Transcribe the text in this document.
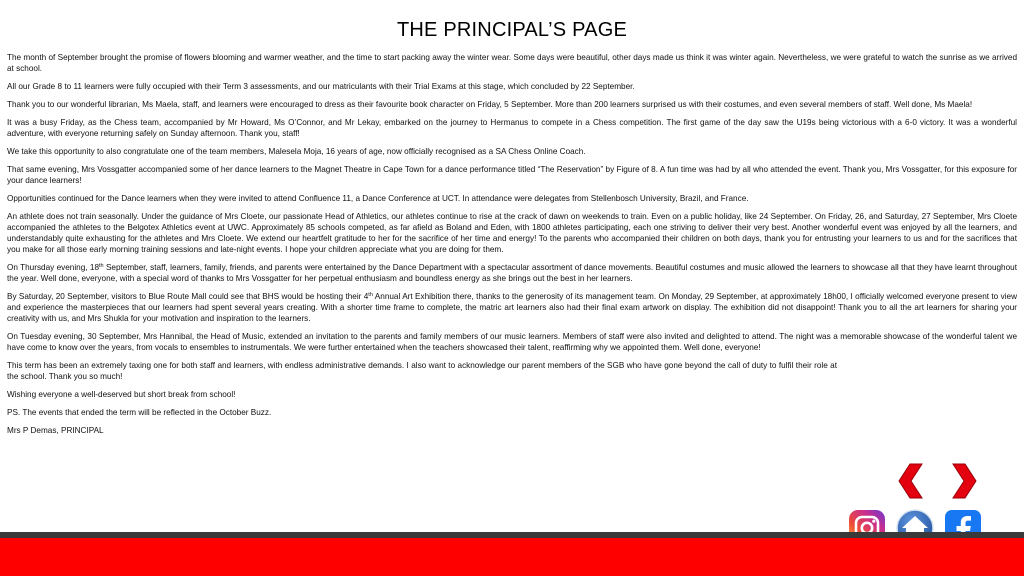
THE PRINCIPAL’S PAGE

The month of September brought the promise of flowers blooming and warmer weather, and the time to start packing away the winter wear. Some days were beautiful, other days made us think it was winter again. Nevertheless, we were grateful to watch the sunrise as we arrived at school.

All our Grade 8 to 11 learners were fully occupied with their Term 3 assessments, and our matriculants with their Trial Exams at this stage, which concluded by 22 September.

Thank you to our wonderful librarian, Ms Maela, staff, and learners were encouraged to dress as their favourite book character on Friday, 5 September. More than 200 learners surprised us with their costumes, and even several members of staff. Well done, Ms Maela!

It was a busy Friday, as the Chess team, accompanied by Mr Howard, Ms O’Connor, and Mr Lekay, embarked on the journey to Hermanus to compete in a Chess competition. The first game of the day saw the U19s being victorious with a 6-0 victory. It was a wonderful adventure, with everyone returning safely on Sunday afternoon. Thank you, staff!

We take this opportunity to also congratulate one of the team members, Malesela Moja, 16 years of age, now officially recognised as a SA Chess Online Coach.

That same evening, Mrs Vossgatter accompanied some of her dance learners to the Magnet Theatre in Cape Town for a dance performance titled “The Reservation” by Figure of 8. A fun time was had by all who attended the event. Thank you, Mrs Vossgatter, for this exposure for your dance learners!

Opportunities continued for the Dance learners when they were invited to attend Confluence 11, a Dance Conference at UCT. In attendance were delegates from Stellenbosch University, Brazil, and France.

An athlete does not train seasonally. Under the guidance of Mrs Cloete, our passionate Head of Athletics, our athletes continue to rise at the crack of dawn on weekends to train. Even on a public holiday, like 24 September. On Friday, 26, and Saturday, 27 September, Mrs Cloete accompanied the athletes to the Belgotex Athletics event at UWC. Approximately 85 schools competed, as far afield as Boland and Eden, with 1800 athletes participating, each one striving to deliver their very best. Another wonderful event was enjoyed by all the learners, and understandably quite exhausting for the athletes and Mrs Cloete. We extend our heartfelt gratitude to her for the sacrifice of her time and energy! To the parents who accompanied their children on both days, thank you for entrusting your learners to us and for the sacrifices that you make for all those early morning training sessions and late-night events. I hope your children appreciate what you are doing for them.

On Thursday evening, 18th September, staff, learners, family, friends, and parents were entertained by the Dance Department with a spectacular assortment of dance movements. Beautiful costumes and music allowed the learners to showcase all that they have learnt throughout the year. Well done, everyone, with a special word of thanks to Mrs Vossgatter for her perpetual enthusiasm and boundless energy as she brings out the best in her learners.

By Saturday, 20 September, visitors to Blue Route Mall could see that BHS would be hosting their 4th Annual Art Exhibition there, thanks to the generosity of its management team. On Monday, 29 September, at approximately 18h00, I officially welcomed everyone present to view and experience the masterpieces that our learners had spent several years creating. With a shorter time frame to complete, the matric art learners also had their final exam artwork on display. The exhibition did not disappoint! Thank you to all the art learners for sharing your creativity with us, and Mrs Shukla for your motivation and inspiration to the learners.

On Tuesday evening, 30 September, Mrs Hannibal, the Head of Music, extended an invitation to the parents and family members of our music learners. Members of staff were also invited and delighted to attend. The night was a memorable showcase of the wonderful talent we have come to know over the years, from vocals to ensembles to instrumentals. We were further entertained when the teachers showcased their talent, reaffirming why we appointed them. Well done, everyone!

This term has been an extremely taxing one for both staff and learners, with endless administrative demands. I also want to acknowledge our parent members of the SGB who have gone beyond the call of duty to fulfil their role at the school. Thank you so much!

Wishing everyone a well-deserved but short break from school!

PS. The events that ended the term will be reflected in the October Buzz.

Mrs P Demas, PRINCIPAL
